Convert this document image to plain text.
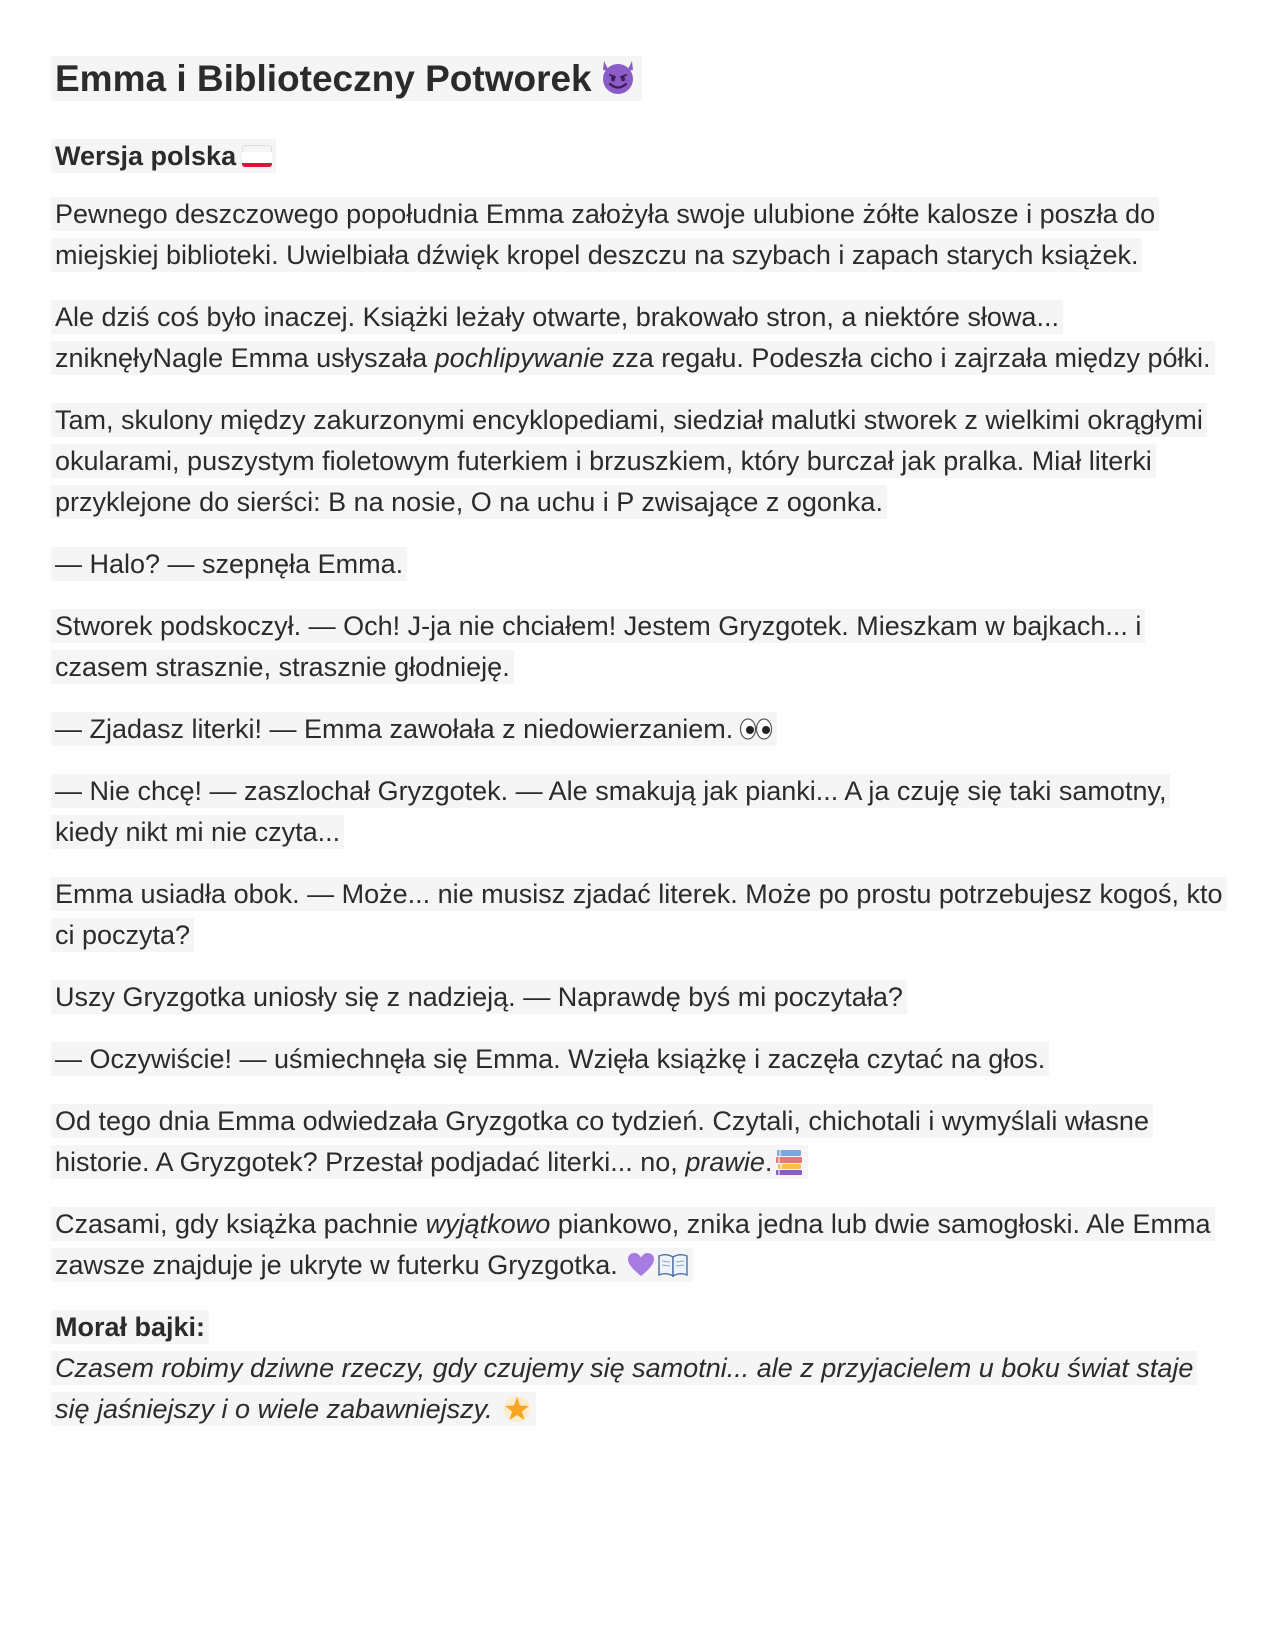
Emma i Biblioteczny Potworek
Wersja polska

Pewnego deszczowego popołudnia Emma założyła swoje ulubione żółte kalosze i poszła do miejskiej biblioteki. Uwielbiała dźwięk kropel deszczu na szybach i zapach starych książek.

Ale dziś coś było inaczej. Książki leżały otwarte, brakowało stron, a niektóre słowa... zniknęłyNagle Emma usłyszała pochlipywanie zza regału. Podeszła cicho i zajrzała między półki.

Tam, skulony między zakurzonymi encyklopediami, siedział malutki stworek z wielkimi okrągłymi okularami, puszystym fioletowym futerkiem i brzuszkiem, który burczał jak pralka. Miał literki przyklejone do sierści: B na nosie, O na uchu i P zwisające z ogonka.

— Halo? — szepnęła Emma.

Stworek podskoczył. — Och! J-ja nie chciałem! Jestem Gryzgotek. Mieszkam w bajkach... i czasem strasznie, strasznie głodnieję.

— Zjadasz literki! — Emma zawołała z niedowierzaniem.

— Nie chcę! — zaszlochał Gryzgotek. — Ale smakują jak pianki... A ja czuję się taki samotny, kiedy nikt mi nie czyta...

Emma usiadła obok. — Może... nie musisz zjadać literek. Może po prostu potrzebujesz kogoś, kto ci poczyta?

Uszy Gryzgotka uniosły się z nadzieją. — Naprawdę byś mi poczytała?

— Oczywiście! — uśmiechnęła się Emma. Wzięła książkę i zaczęła czytać na głos.

Od tego dnia Emma odwiedzała Gryzgotka co tydzień. Czytali, chichotali i wymyślali własne historie. A Gryzgotek? Przestał podjadać literki... no, prawie.

Czasami, gdy książka pachnie wyjątkowo piankowo, znika jedna lub dwie samogłoski. Ale Emma zawsze znajduje je ukryte w futerku Gryzgotka.

Morał bajki:
Czasem robimy dziwne rzeczy, gdy czujemy się samotni... ale z przyjacielem u boku świat staje się jaśniejszy i o wiele zabawniejszy.
